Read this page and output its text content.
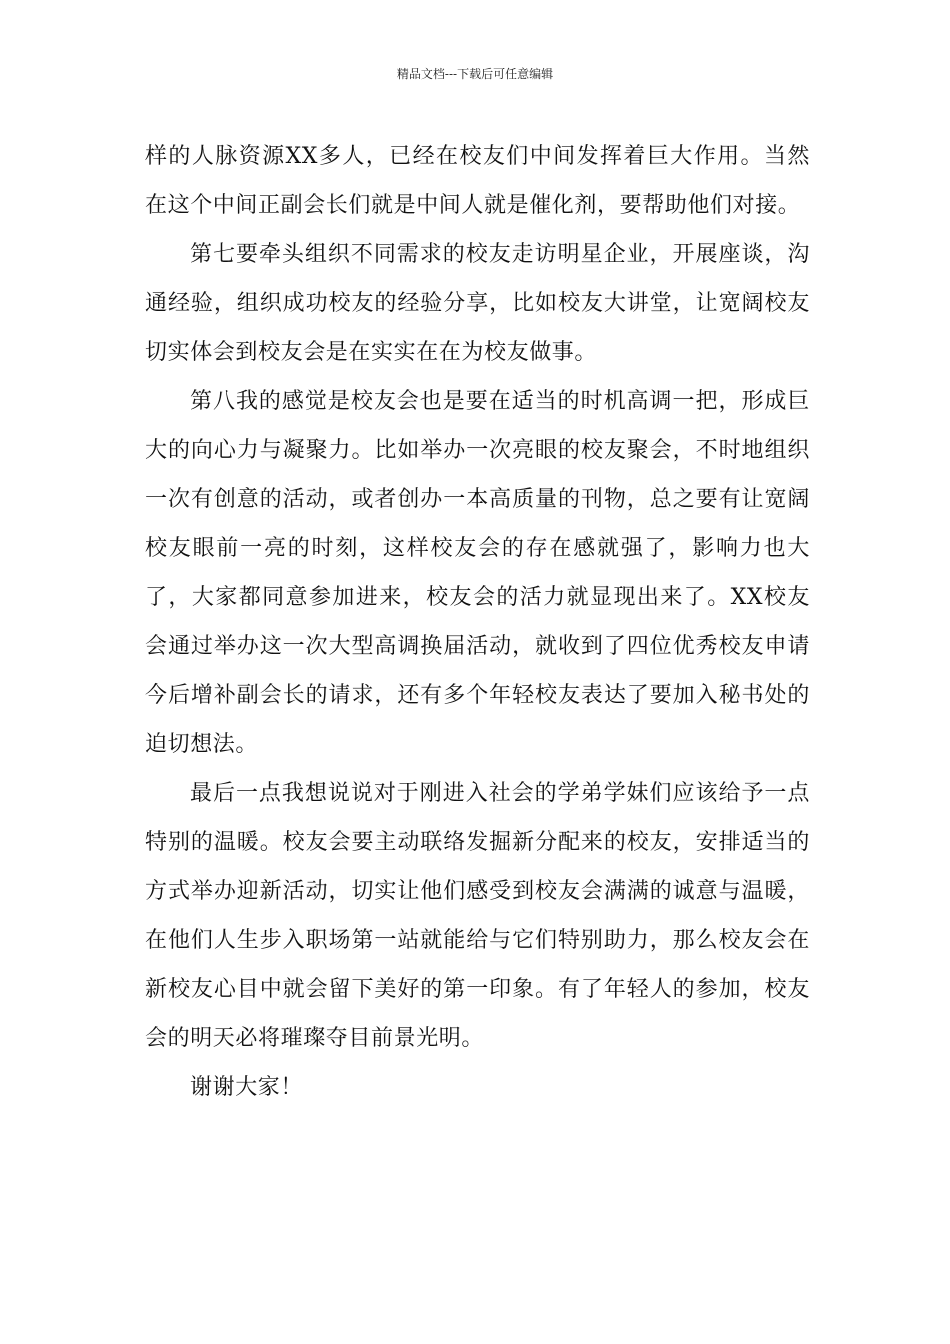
精品文档---下载后可任意编辑

样的人脉资源XX多人，已经在校友们中间发挥着巨大作用。当然在这个中间正副会长们就是中间人就是催化剂，要帮助他们对接。

第七要牵头组织不同需求的校友走访明星企业，开展座谈，沟通经验，组织成功校友的经验分享，比如校友大讲堂，让宽阔校友切实体会到校友会是在实实在在为校友做事。

第八我的感觉是校友会也是要在适当的时机高调一把，形成巨大的向心力与凝聚力。比如举办一次亮眼的校友聚会，不时地组织一次有创意的活动，或者创办一本高质量的刊物，总之要有让宽阔校友眼前一亮的时刻，这样校友会的存在感就强了，影响力也大了，大家都同意参加进来，校友会的活力就显现出来了。XX校友会通过举办这一次大型高调换届活动，就收到了四位优秀校友申请今后增补副会长的请求，还有多个年轻校友表达了要加入秘书处的迫切想法。

最后一点我想说说对于刚进入社会的学弟学妹们应该给予一点特别的温暖。校友会要主动联络发掘新分配来的校友，安排适当的方式举办迎新活动，切实让他们感受到校友会满满的诚意与温暖，在他们人生步入职场第一站就能给与它们特别助力，那么校友会在新校友心目中就会留下美好的第一印象。有了年轻人的参加，校友会的明天必将璀璨夺目前景光明。

谢谢大家！
